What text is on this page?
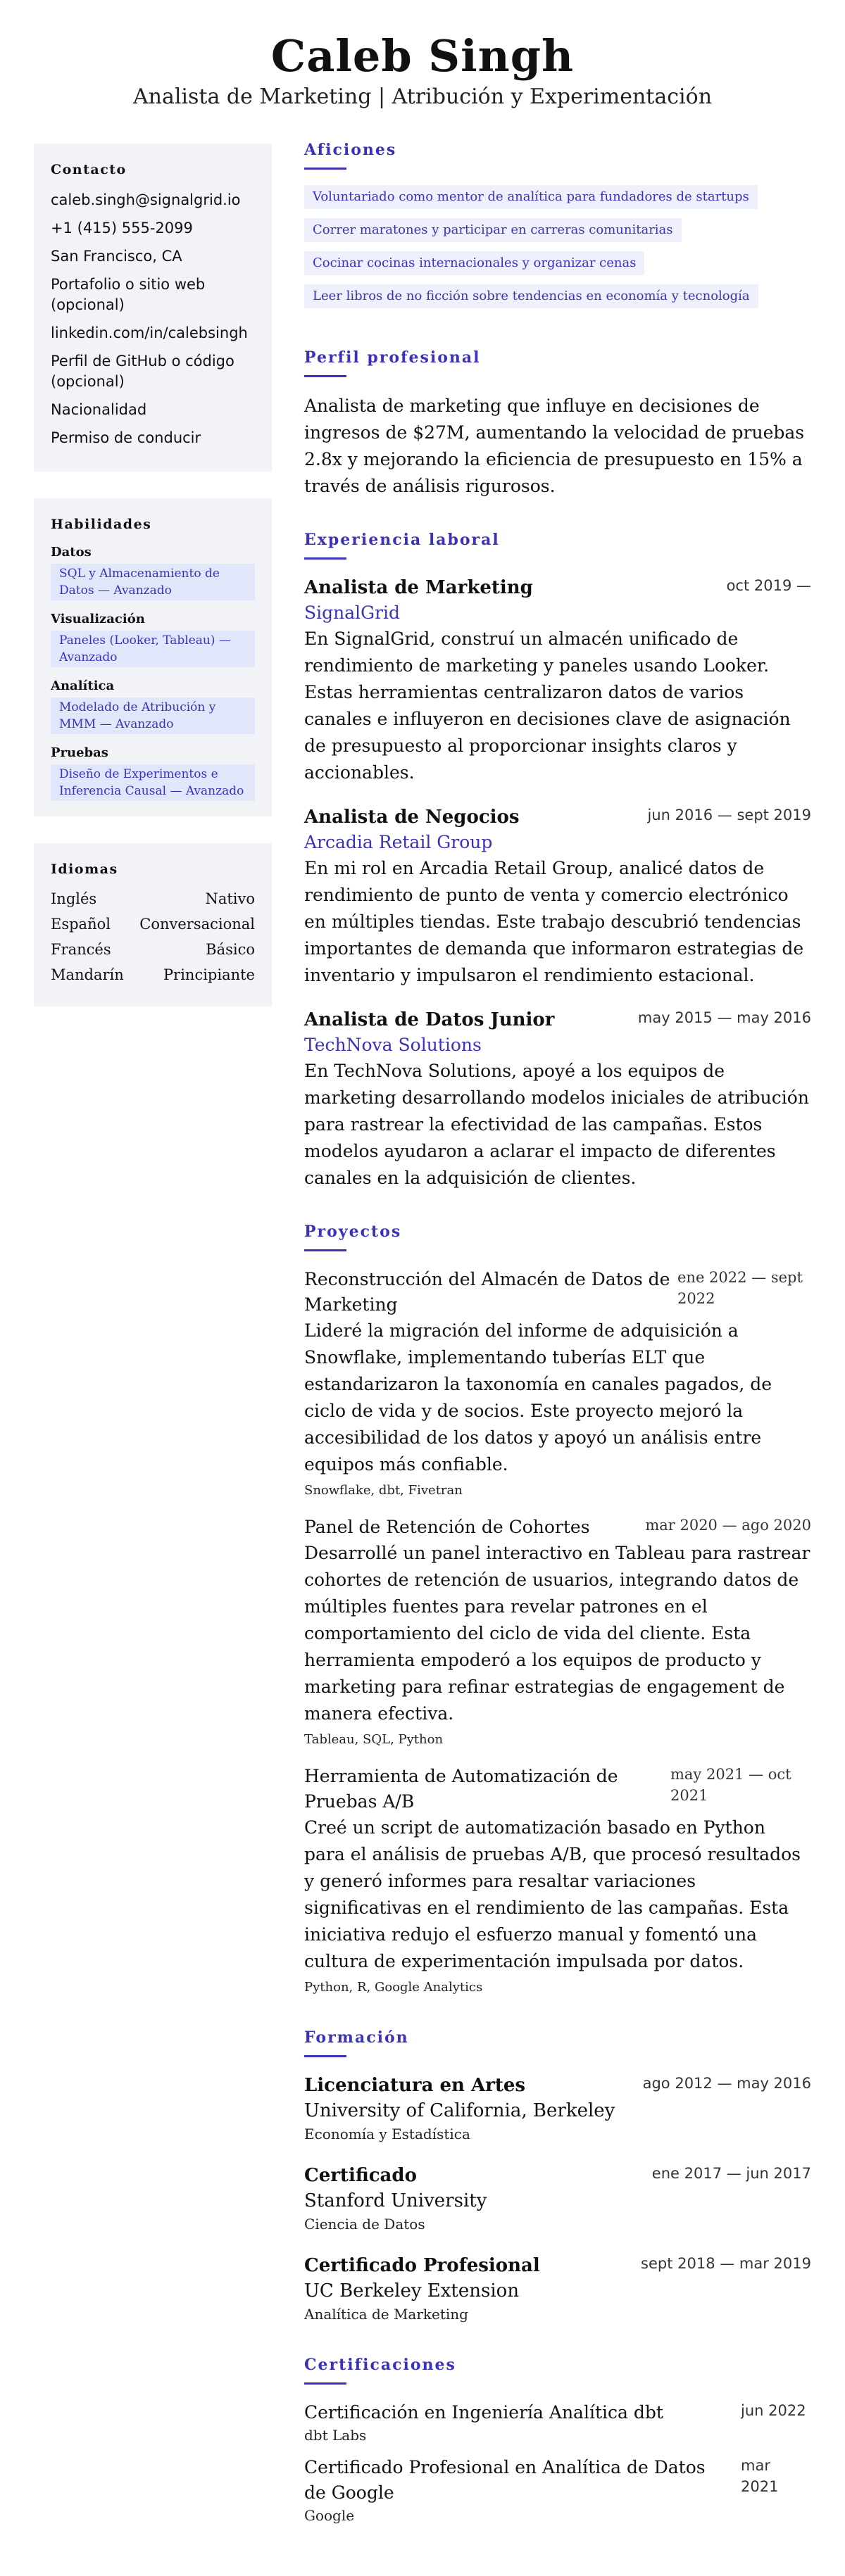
Caleb Singh
Analista de Marketing | Atribución y Experimentación
Contacto
caleb.singh@signalgrid.io
+1 (415) 555-2099
San Francisco, CA
Portafolio o sitio web (opcional)
linkedin.com/in/calebsingh
Perfil de GitHub o código (opcional)
Nacionalidad
Permiso de conducir
Habilidades
Datos
SQL y Almacenamiento de Datos — Avanzado
Visualización
Paneles (Looker, Tableau) — Avanzado
Analítica
Modelado de Atribución y MMM — Avanzado
Pruebas
Diseño de Experimentos e Inferencia Causal — Avanzado
Idiomas
Inglés	Nativo
Español Conversacional
Francés	Básico
Mandarín	Principiante
Aficiones
Voluntariado como mentor de analítica para fundadores de startups
Correr maratones y participar en carreras comunitarias
Cocinar cocinas internacionales y organizar cenas
Leer libros de no ficción sobre tendencias en economía y tecnología
Perfil profesional
Analista de marketing que influye en decisiones de ingresos de $27M, aumentando la velocidad de pruebas 2.8x y mejorando la eficiencia de presupuesto en 15% a través de análisis rigurosos.
Experiencia laboral
Analista de Marketing	oct 2019 —
SignalGrid
En SignalGrid, construí un almacén unificado de rendimiento de marketing y paneles usando Looker. Estas herramientas centralizaron datos de varios canales e influyeron en decisiones clave de asignación de presupuesto al proporcionar insights claros y accionables.
Analista de Negocios	jun 2016 — sept 2019
Arcadia Retail Group
En mi rol en Arcadia Retail Group, analicé datos de rendimiento de punto de venta y comercio electrónico en múltiples tiendas. Este trabajo descubrió tendencias importantes de demanda que informaron estrategias de inventario y impulsaron el rendimiento estacional.
Analista de Datos Junior	may 2015 — may 2016
TechNova Solutions
En TechNova Solutions, apoyé a los equipos de marketing desarrollando modelos iniciales de atribución para rastrear la efectividad de las campañas. Estos modelos ayudaron a aclarar el impacto de diferentes canales en la adquisición de clientes.
Proyectos
Reconstrucción del Almacén de Datos de Marketing
ene 2022 — sept 2022
Lideré la migración del informe de adquisición a Snowflake, implementando tuberías ELT que estandarizaron la taxonomía en canales pagados, de ciclo de vida y de socios. Este proyecto mejoró la accesibilidad de los datos y apoyó un análisis entre equipos más confiable.
Snowflake, dbt, Fivetran
Panel de Retención de Cohortes	mar 2020 — ago 2020
Desarrollé un panel interactivo en Tableau para rastrear cohortes de retención de usuarios, integrando datos de múltiples fuentes para revelar patrones en el comportamiento del ciclo de vida del cliente. Esta herramienta empoderó a los equipos de producto y marketing para refinar estrategias de engagement de manera efectiva.
Tableau, SQL, Python
Herramienta de Automatización de Pruebas A/B
may 2021 — oct 2021
Creé un script de automatización basado en Python para el análisis de pruebas A/B, que procesó resultados y generó informes para resaltar variaciones significativas en el rendimiento de las campañas. Esta iniciativa redujo el esfuerzo manual y fomentó una cultura de experimentación impulsada por datos.
Python, R, Google Analytics
Formación
Licenciatura en Artes	ago 2012 — may 2016
University of California, Berkeley
Economía y Estadística
Certificado	ene 2017 — jun 2017
Stanford University
Ciencia de Datos
Certificado Profesional	sept 2018 — mar 2019
UC Berkeley Extension
Analítica de Marketing
Certificaciones
Certificación en Ingeniería Analítica dbt	jun 2022
dbt Labs
Certificado Profesional en Analítica de Datos de Google
mar 2021
Google
